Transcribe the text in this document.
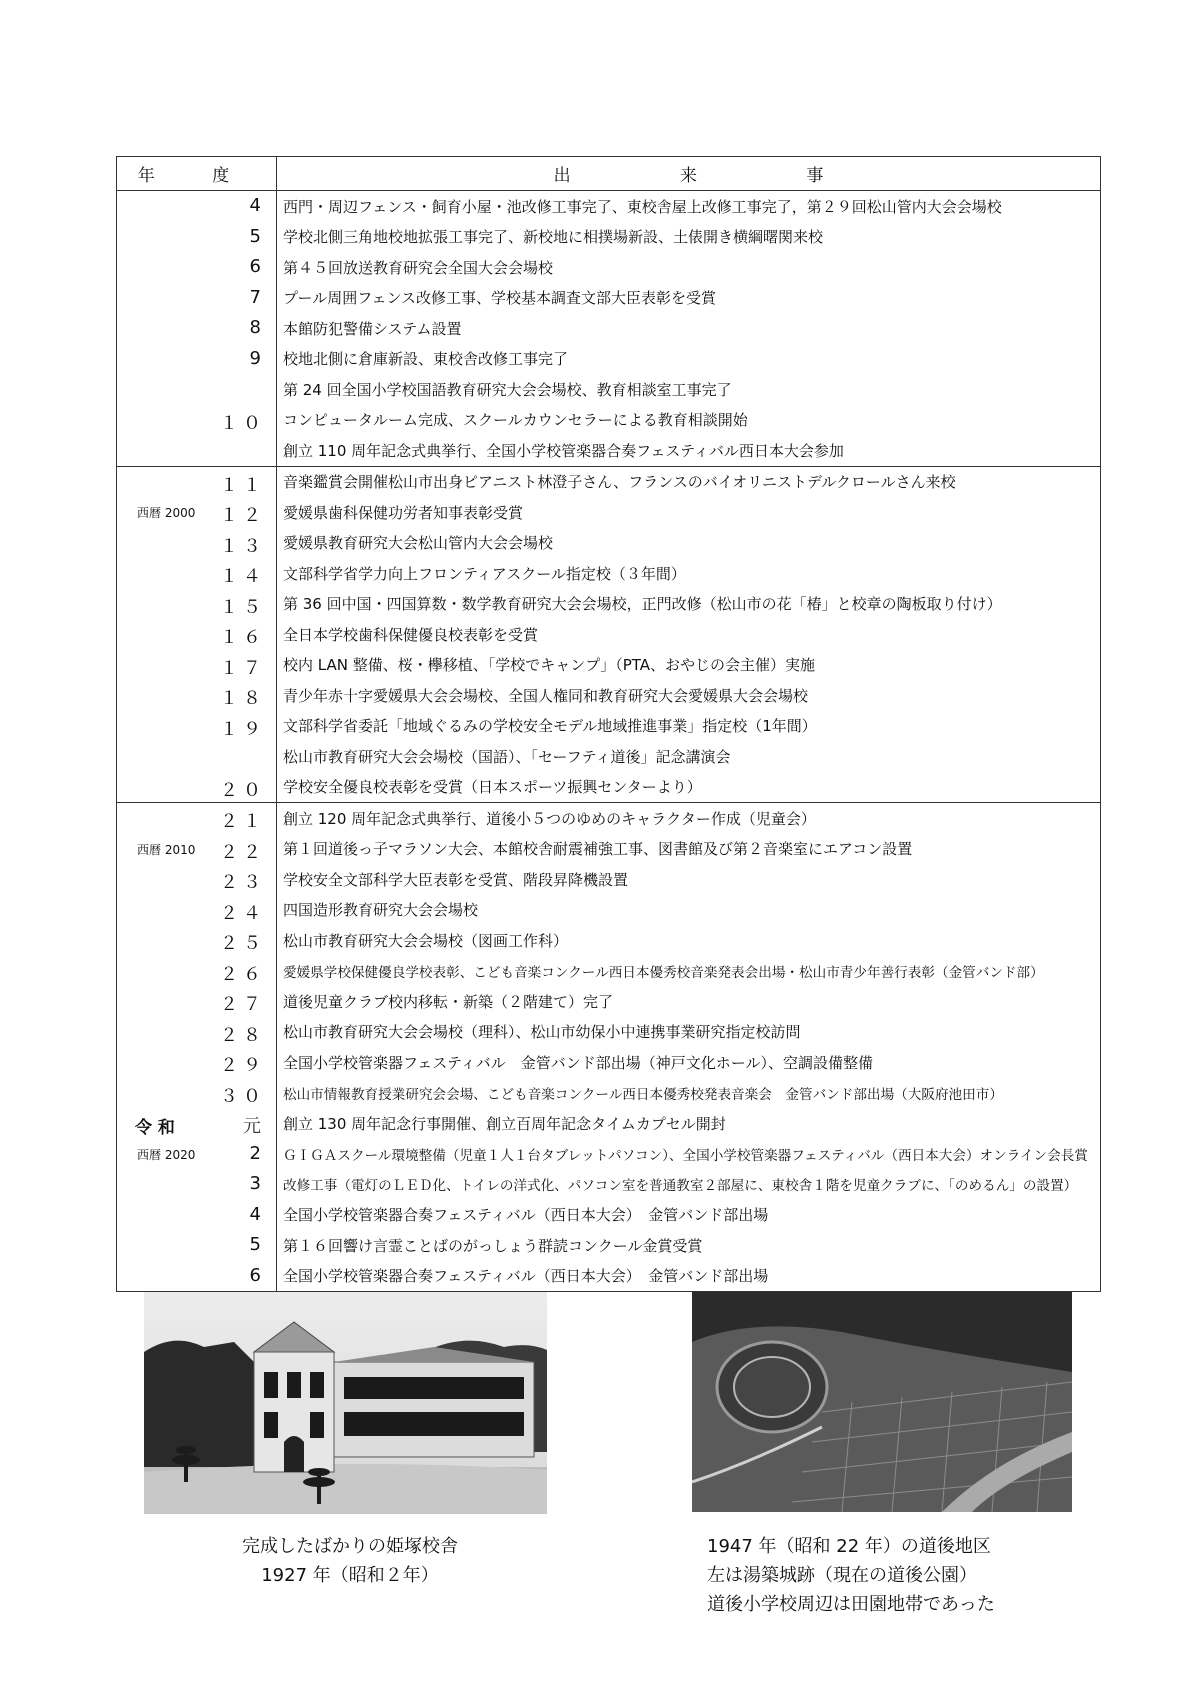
年 度	出 来 事

4	西門・周辺フェンス・飼育小屋・池改修工事完了、東校舎屋上改修工事完了，第２９回松山管内大会会場校

5	学校北側三角地校地拡張工事完了、新校地に相撲場新設、土俵開き横綱曙関来校

6	第４５回放送教育研究会全国大会会場校

7	プール周囲フェンス改修工事、学校基本調査文部大臣表彰を受賞

8	本館防犯警備システム設置

9	校地北側に倉庫新設、東校舎改修工事完了
	第 24 回全国小学校国語教育研究大会会場校、教育相談室工事完了

１０	コンピュータルーム完成、スクールカウンセラーによる教育相談開始
	創立 110 周年記念式典挙行、全国小学校管楽器合奏フェスティバル西日本大会参加

１１	音楽鑑賞会開催松山市出身ピアニスト林澄子さん、フランスのバイオリニストデルクロールさん来校

西暦 2000 １２	愛媛県歯科保健功労者知事表彰受賞

１３	愛媛県教育研究大会松山管内大会会場校

１４	文部科学省学力向上フロンティアスクール指定校（３年間）

１５	第 36 回中国・四国算数・数学教育研究大会会場校，正門改修（松山市の花「椿」と校章の陶板取り付け）

１６	全日本学校歯科保健優良校表彰を受賞

１７	校内 LAN 整備、桜・欅移植、「学校でキャンプ」（PTA、おやじの会主催）実施

１８	青少年赤十字愛媛県大会会場校、全国人権同和教育研究大会愛媛県大会会場校

１９	文部科学省委託「地域ぐるみの学校安全モデル地域推進事業」指定校（1年間）
	松山市教育研究大会会場校（国語）、「セーフティ道後」記念講演会

２０	学校安全優良校表彰を受賞（日本スポーツ振興センターより）

２１	創立 120 周年記念式典挙行、道後小５つのゆめのキャラクター作成（児童会）

西暦 2010 ２２	第１回道後っ子マラソン大会、本館校舎耐震補強工事、図書館及び第２音楽室にエアコン設置

２３	学校安全文部科学大臣表彰を受賞、階段昇降機設置

２４	四国造形教育研究大会会場校

２５	松山市教育研究大会会場校（図画工作科）

２６	愛媛県学校保健優良学校表彰、こども音楽コンクール西日本優秀校音楽発表会出場・松山市青少年善行表彰（金管バンド部）

２７	道後児童クラブ校内移転・新築（２階建て）完了

２８	松山市教育研究大会会場校（理科）、松山市幼保小中連携事業研究指定校訪問

２９	全国小学校管楽器フェスティバル　金管バンド部出場（神戸文化ホール）、空調設備整備

３０	松山市情報教育授業研究会会場、こども音楽コンクール西日本優秀校発表音楽会　金管バンド部出場（大阪府池田市）

令 和 元	創立 130 周年記念行事開催、創立百周年記念タイムカプセル開封

西暦 2020 2	ＧＩＧＡスクール環境整備（児童１人１台タブレットパソコン）、全国小学校管楽器フェスティバル（西日本大会）オンライン会長賞

3	改修工事（電灯のＬＥＤ化、トイレの洋式化、パソコン室を普通教室２部屋に、東校舎１階を児童クラブに、「のめるん」の設置）

4	全国小学校管楽器合奏フェスティバル（西日本大会）　金管バンド部出場

5	第１６回響け言霊ことばのがっしょう群読コンクール金賞受賞

6	全国小学校管楽器合奏フェスティバル（西日本大会）　金管バンド部出場
完成したばかりの姫塚校舎
1927 年（昭和２年）
1947 年（昭和 22 年）の道後地区
左は湯築城跡（現在の道後公園）
道後小学校周辺は田園地帯であった
